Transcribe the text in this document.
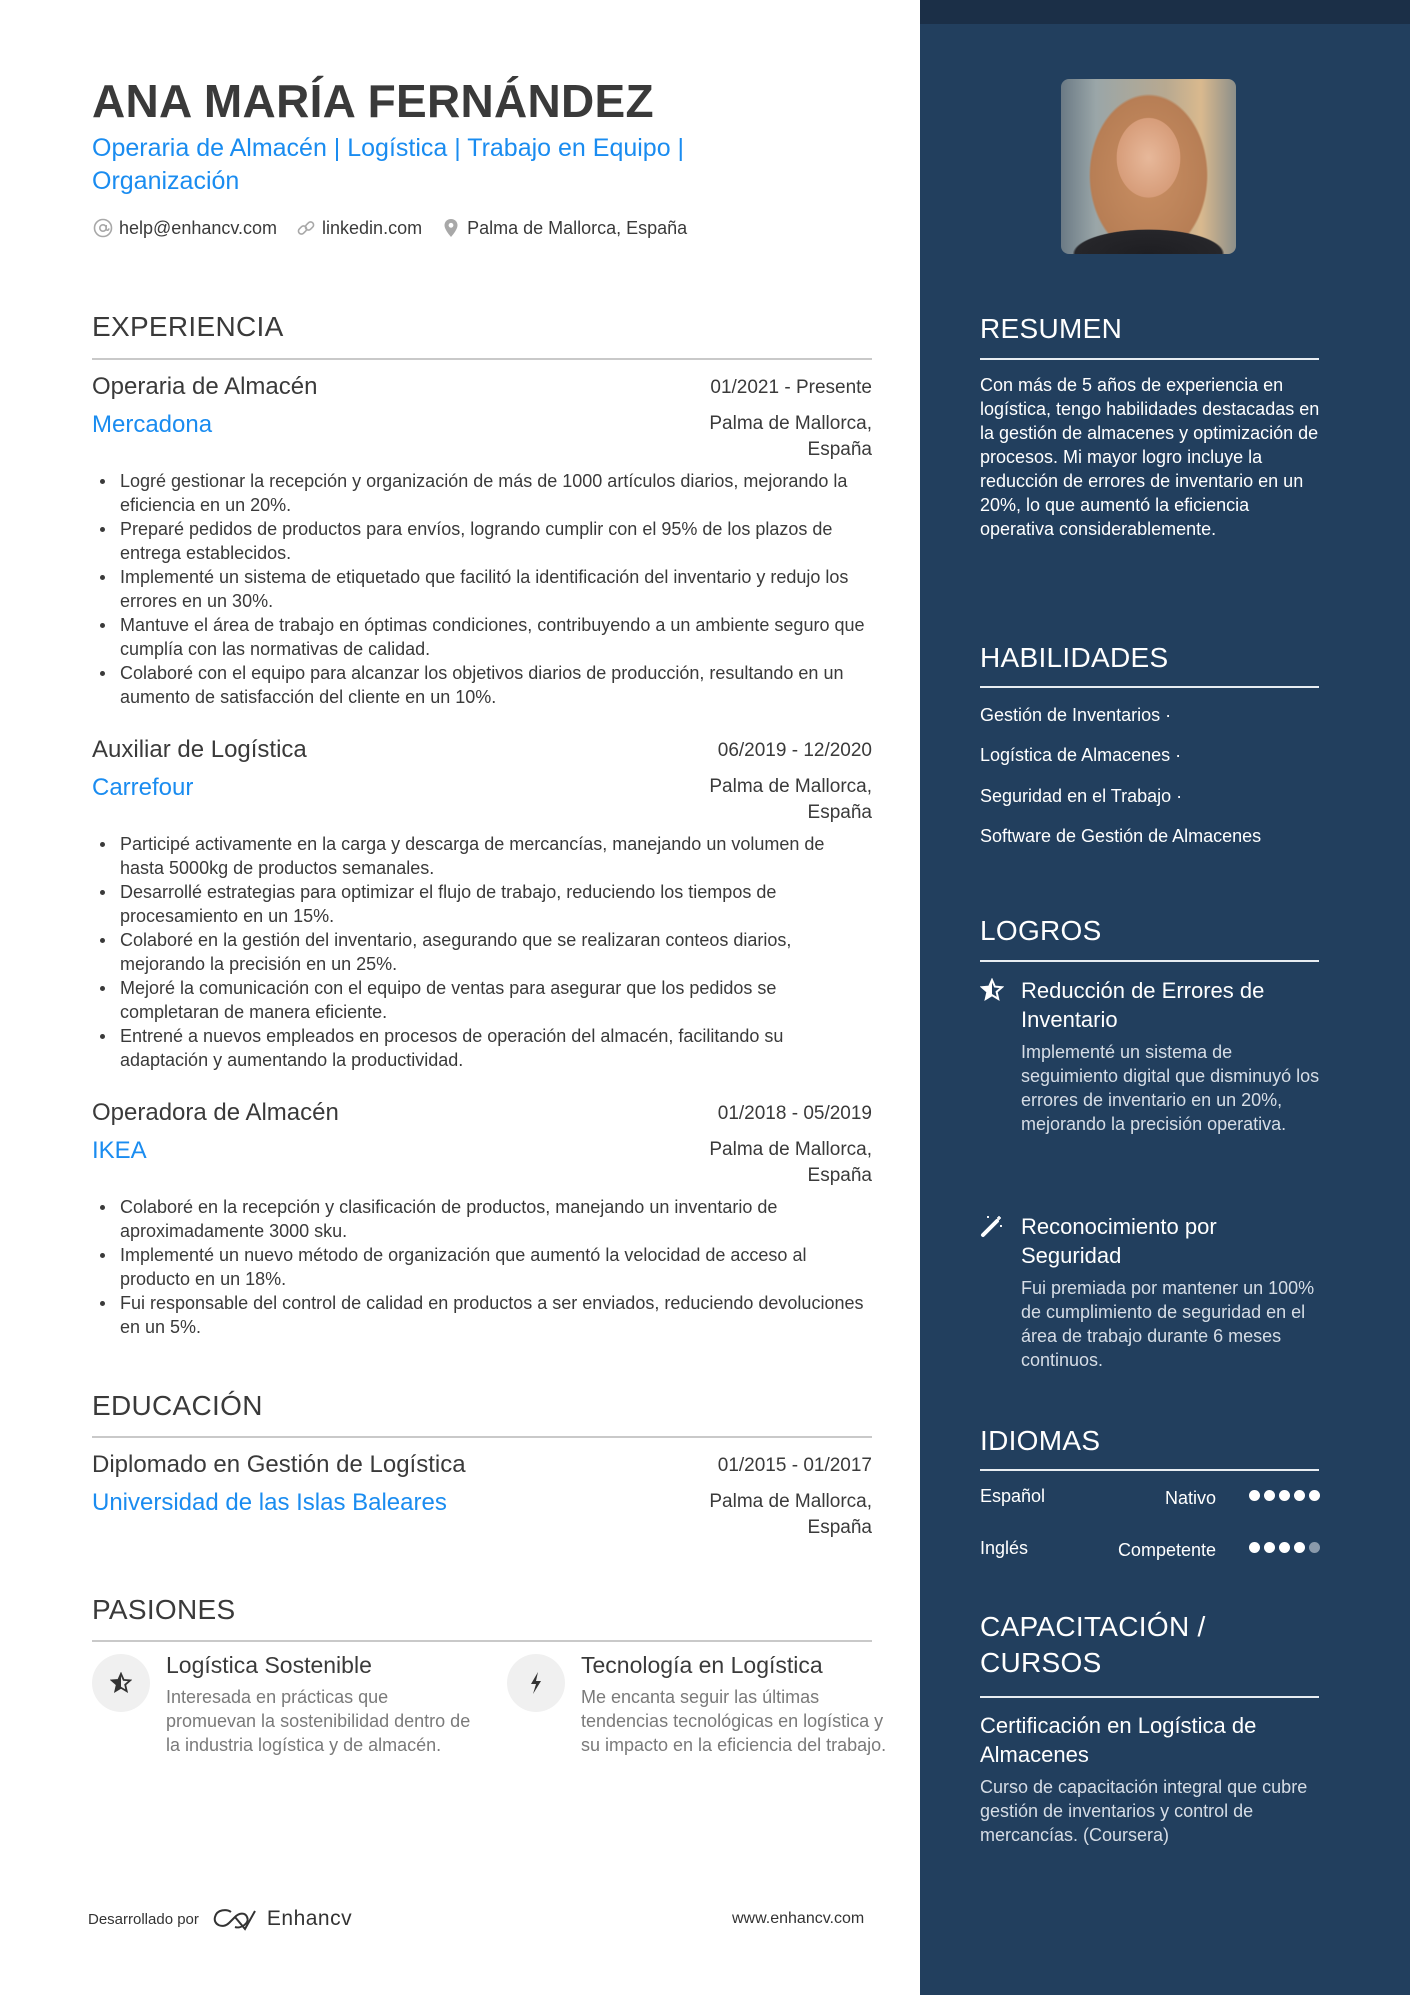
ANA MARÍA FERNÁNDEZ
Operaria de Almacén | Logística | Trabajo en Equipo | Organización
help@enhancv.com	linkedin.com	Palma de Mallorca, España
EXPERIENCIA
Operaria de Almacén	01/2021 - Presente
Mercadona	Palma de Mallorca, España
Logré gestionar la recepción y organización de más de 1000 artículos diarios, mejorando la eficiencia en un 20%.
Preparé pedidos de productos para envíos, logrando cumplir con el 95% de los plazos de entrega establecidos.
Implementé un sistema de etiquetado que facilitó la identificación del inventario y redujo los errores en un 30%.
Mantuve el área de trabajo en óptimas condiciones, contribuyendo a un ambiente seguro que cumplía con las normativas de calidad.
Colaboré con el equipo para alcanzar los objetivos diarios de producción, resultando en un aumento de satisfacción del cliente en un 10%.
Auxiliar de Logística	06/2019 - 12/2020
Carrefour	Palma de Mallorca, España
Participé activamente en la carga y descarga de mercancías, manejando un volumen de hasta 5000kg de productos semanales.
Desarrollé estrategias para optimizar el flujo de trabajo, reduciendo los tiempos de procesamiento en un 15%.
Colaboré en la gestión del inventario, asegurando que se realizaran conteos diarios, mejorando la precisión en un 25%.
Mejoré la comunicación con el equipo de ventas para asegurar que los pedidos se completaran de manera eficiente.
Entrené a nuevos empleados en procesos de operación del almacén, facilitando su adaptación y aumentando la productividad.
Operadora de Almacén	01/2018 - 05/2019
IKEA	Palma de Mallorca, España
Colaboré en la recepción y clasificación de productos, manejando un inventario de aproximadamente 3000 sku.
Implementé un nuevo método de organización que aumentó la velocidad de acceso al producto en un 18%.
Fui responsable del control de calidad en productos a ser enviados, reduciendo devoluciones en un 5%.
EDUCACIÓN
Diplomado en Gestión de Logística	01/2015 - 01/2017
Universidad de las Islas Baleares	Palma de Mallorca, España
PASIONES
Logística Sostenible
Interesada en prácticas que promuevan la sostenibilidad dentro de la industria logística y de almacén.
Tecnología en Logística
Me encanta seguir las últimas tendencias tecnológicas en logística y su impacto en la eficiencia del trabajo.
Desarrollado por	Enhancv	www.enhancv.com
RESUMEN
Con más de 5 años de experiencia en logística, tengo habilidades destacadas en la gestión de almacenes y optimización de procesos. Mi mayor logro incluye la reducción de errores de inventario en un 20%, lo que aumentó la eficiencia operativa considerablemente.
HABILIDADES
Gestión de Inventarios ·
Logística de Almacenes ·
Seguridad en el Trabajo ·
Software de Gestión de Almacenes
LOGROS
Reducción de Errores de Inventario
Implementé un sistema de seguimiento digital que disminuyó los errores de inventario en un 20%, mejorando la precisión operativa.
Reconocimiento por Seguridad
Fui premiada por mantener un 100% de cumplimiento de seguridad en el área de trabajo durante 6 meses continuos.
IDIOMAS
Español	Nativo
Inglés	Competente
CAPACITACIÓN / CURSOS
Certificación en Logística de Almacenes
Curso de capacitación integral que cubre gestión de inventarios y control de mercancías. (Coursera)
